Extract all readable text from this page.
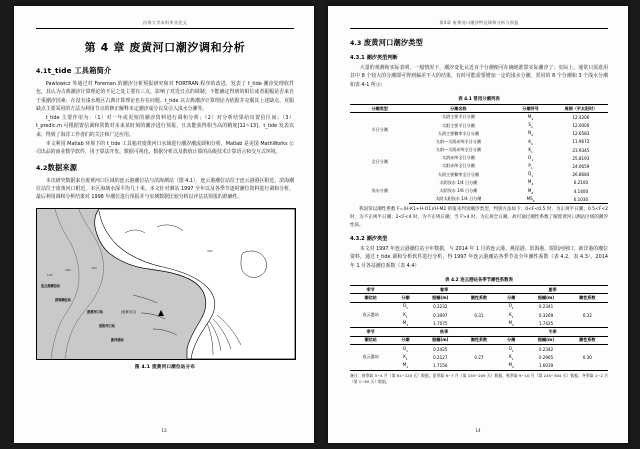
河海大学本科毕业论文
第 4 章 废黄河口潮汐调和分析
4.1t_tide 工具箱简介

Pawlowicz 等通过对 Foreman 的潮汐分析预报研究和对 FORTRAN 程序的改进，发表了 t_tide 潮汐处理软件包，其认为古典潮汐计算理论的不足之处主要有三点，影响了对近日点的调制；不能确定得到的相位或者振幅是否来自于重潮汐因素；在没有浅水地区古典计算理论也存在问题。t_tide 以古典潮汐计算理论为依据并克服其上述缺点，克服缺点主要采用的方法为利用节点的修正解释未定潮汐成分以及引入浅水分潮等。

t_tide 主要作用为：（1）对一年或更短的潮汐资料进行调和分析；（2）对分析结果给出置信区间；（3）t_predic.m 可根据置信调和常数对未来某时刻的潮汐进行预报，且其能获得相当高的精度[12~13]。t_tide 发表以来，得到了海洋工作者们的关注和广泛应用。

本文利用 Matlab 环境下的 t_tide 工具箱对废黄河口水域进行潮汐潮流调和分析，Matlab 是美国 MathWorks 公司出品的商业数学软件，用于算法开发、数据可视化、数据分析以及数值计算的高级技术计算语言和交互式环境。

4.2数据来源

本次研究数据来自废黄河口区域的连云港潮位站与滨海测站（图 4.1），连云港潮位站位于连云港港区附近，滨海潮位站位于废黄河口附近，本区海域水深平均几十米。本文针对测站 1997 全年以及各季节逐时潮位资料进行调和分析，最后利用调和分析结果对 1998 年潮位进行预报并与实测数据比较分析以评估其预报的准确性。

10m
20m	30m
40m
连云港潮位站
滨海潮位站
废黄河口站	(废黄河口)
射阳河口站
新洋港站
图 4.1 废黄河口潮位站分布
13
第4章 废黄河口潮汐特征调和分析与预报
4.3 废黄河口潮汐类型
4.3.1 潮汐类型判断

大量的观测和实际表明，一般情况下，潮汐变化认近百个分潮便可在确地准算实际潮汐了；实际上，通常只需选用其中 8 个较大的分潮即可得到偏差不大的结果，有时可能需要增加一定的浅水分潮，常用的 8 个分潮和 3 个浅水分潮如表 4-1 所示：

表 4.1 常用分潮列表
分潮类型	分潮名称	分潮符号	周期（平太阳时）
半日分潮	太阴主要半日分潮	$M_2$	12.4206
	太阳主要半日分潮	$S_2$	12.0000
	太阴主要椭率半日分潮	$N_2$	12.6583
	太阴—太阳赤纬半日分潮	$K_2$	11.9672
全日分潮	太阴—太阳赤纬全日分潮	$K_1$	23.9345
	太阴赤纬全日分潮	$O_1$	25.8193
	太阳赤纬全日分潮	$P_1$	24.0659
	太阴主要椭率全日分潮	$Q_1$	26.8684
浅水分潮	太阴浅水 1/4 日分潮	$M_4$	6.2100
	太阴浅水 1/6 日分潮	$M_6$	4.1400
	太阴太阳浅水 1/4 日分潮	$MS_4$	6.1030

我国常以潮性系数 F=(H-K1+H-O1)/H-M2 的值来判别潮汐类型，判别方法如下：0<F<0.5 时，为正规半日潮；0.5<F<2 时，为不正规半日潮；2<F<4 时，为不正规日潮；当 F>4 时，为正规全日潮。故可通过潮性系数了解废黄河口测站区域的潮汐性质。

4.3.2 潮汐类型

本文对 1997 年连云港潮位站全年数据，与 2014 年 1 月的连云港、燕尾港、滨海港、射阳河闸口、新洋港的潮位资料，通过 t_tide 调和分析软件进行分析，得 1997 年连云港潮站各季节及全年潮性系数（表 4.2、表 4.3）、2014 年 1 月各站潮位系数（表 4.4）

表 4.2 连云港站各季节潮性系数表
季节	春季			夏季		
潮位站	分潮	振幅(m)	潮性系数	分潮	振幅(m)	潮性系数
	$O_1$	0.2232		$O_1$	0.2341	
连云港站	$K_1$	0.3097	0.31	$K_1$	0.3269	0.32
	$M_2$	1.7075		$M_2$	1.7425	
季节	秋季			冬季		
潮位站	分潮	振幅(m)	潮性系数	分潮	振幅(m)	潮性系数
	$O_1$	0.2425		$O_1$	0.2342	
连云港站	$K_1$	0.2127	0.27	$K_1$	0.2965	0.30
	$M_2$	1.7156		$M_2$	1.6039	

备注：春季取 3~4 月（第 61~120 天）数据，夏季取 6~7 月（第 150~209 天）数据，秋季取 9~10 月（第 245~304 天）数据，冬季取 1~2 月（第 1~60 天）数据。

14
